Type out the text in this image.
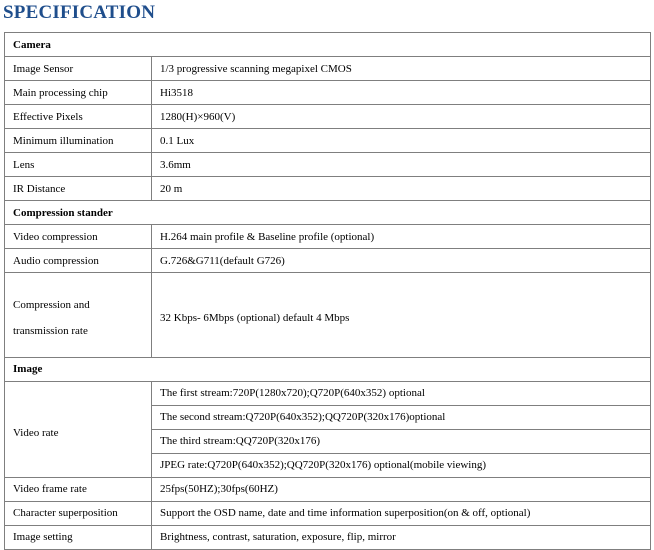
SPECIFICATION
Camera	
Image Sensor	1/3 progressive scanning megapixel CMOS
Main processing chip	Hi3518
Effective Pixels	1280(H)×960(V)
Minimum illumination	0.1 Lux
Lens	3.6mm
IR Distance	20 m
Compression stander	
Video compression	H.264 main profile & Baseline profile (optional)
Audio compression	G.726&G711(default G726)

Compression and
transmission rate	32 Kbps- 6Mbps (optional) default 4 Mbps

Image	

Video rate	The first stream:720P(1280x720);Q720P(640x352) optional
	The second stream:Q720P(640x352);QQ720P(320x176)optional
	The third stream:QQ720P(320x176)
	JPEG rate:Q720P(640x352);QQ720P(320x176) optional(mobile viewing)
Video frame rate	25fps(50HZ);30fps(60HZ)
Character superposition	Support the OSD name, date and time information superposition(on & off, optional)
Image setting	Brightness, contrast, saturation, exposure, flip, mirror
